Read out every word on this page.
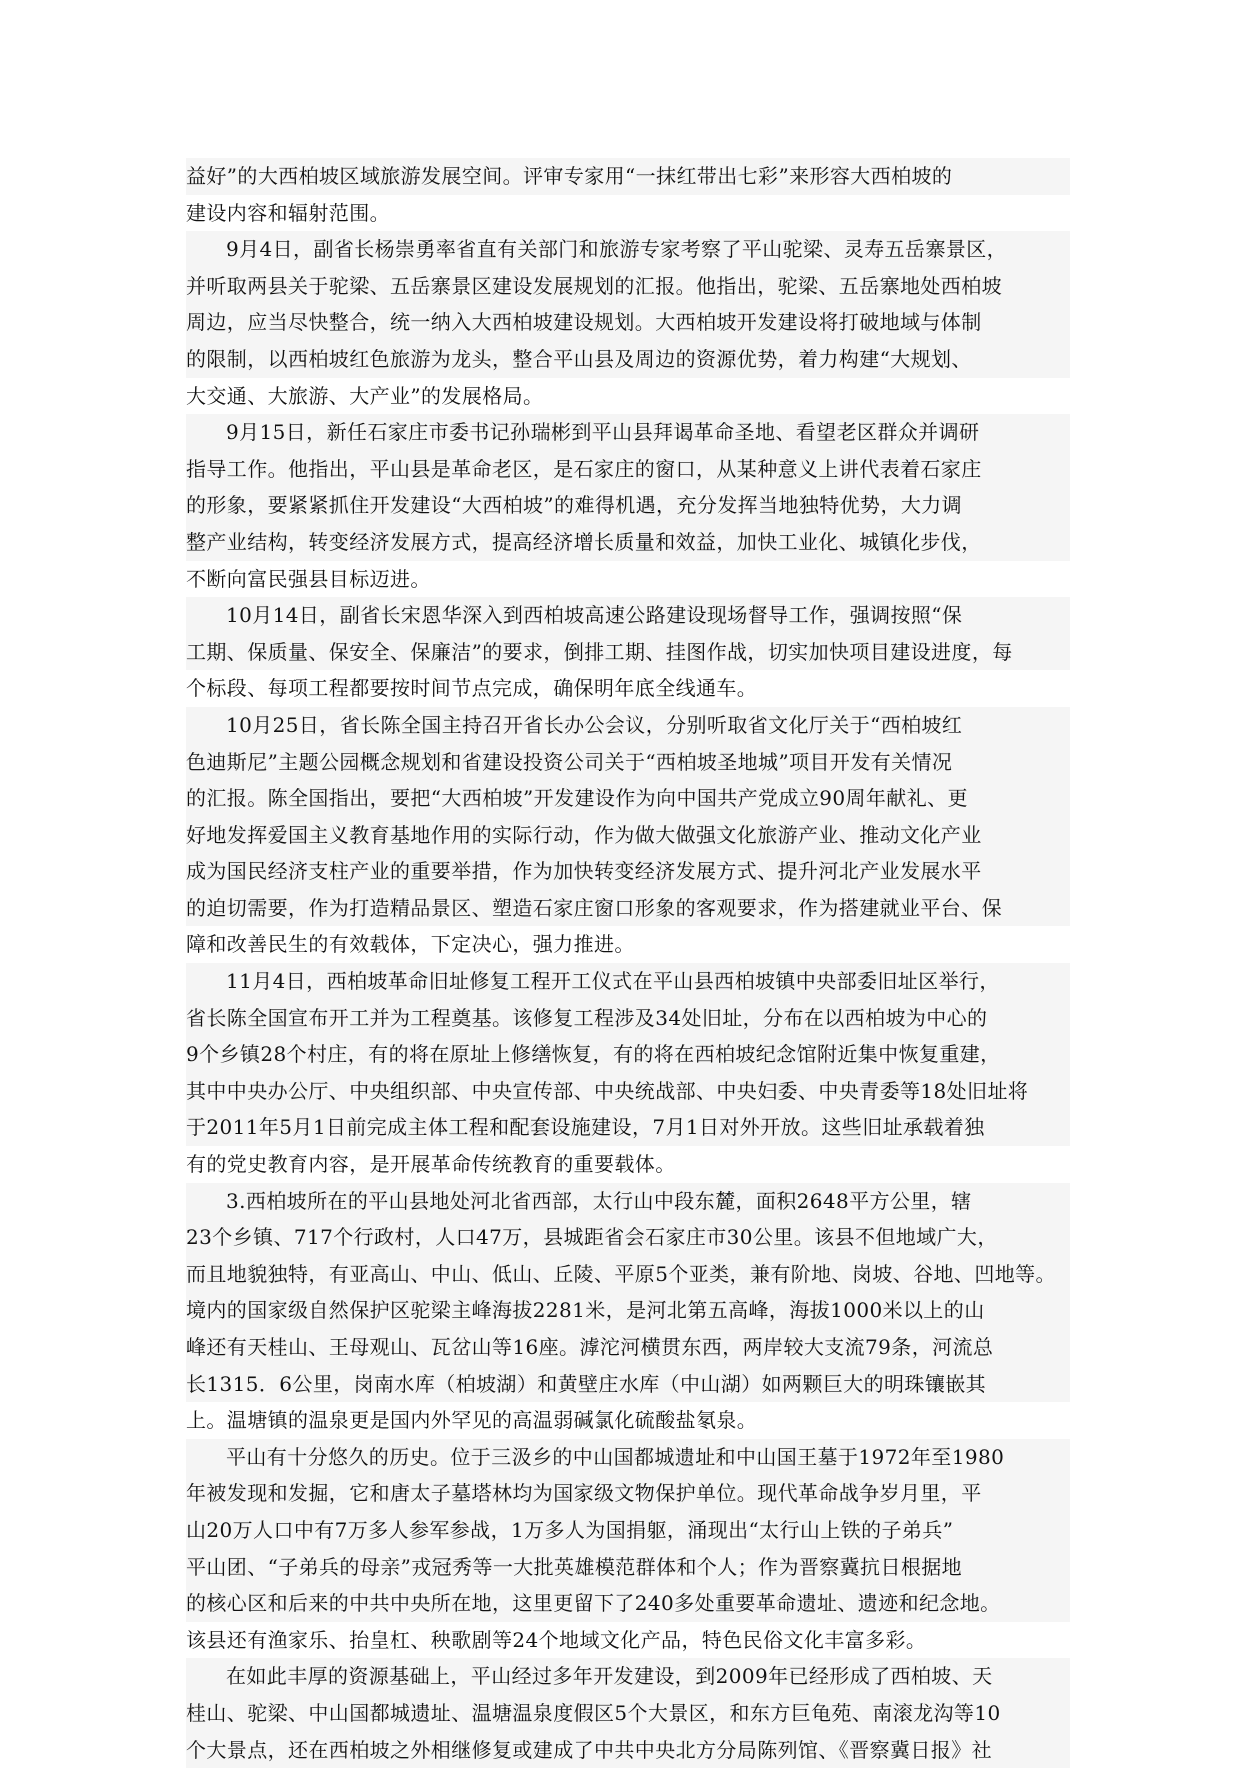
益好”的大西柏坡区域旅游发展空间。评审专家用“一抹红带出七彩”来形容大西柏坡的
建设内容和辐射范围。
9月4日，副省长杨崇勇率省直有关部门和旅游专家考察了平山驼梁、灵寿五岳寨景区，
并听取两县关于驼梁、五岳寨景区建设发展规划的汇报。他指出，驼梁、五岳寨地处西柏坡
周边，应当尽快整合，统一纳入大西柏坡建设规划。大西柏坡开发建设将打破地域与体制
的限制，以西柏坡红色旅游为龙头，整合平山县及周边的资源优势，着力构建“大规划、
大交通、大旅游、大产业”的发展格局。
9月15日，新任石家庄市委书记孙瑞彬到平山县拜谒革命圣地、看望老区群众并调研
指导工作。他指出，平山县是革命老区，是石家庄的窗口，从某种意义上讲代表着石家庄
的形象，要紧紧抓住开发建设“大西柏坡”的难得机遇，充分发挥当地独特优势，大力调
整产业结构，转变经济发展方式，提高经济增长质量和效益，加快工业化、城镇化步伐，
不断向富民强县目标迈进。
10月14日，副省长宋恩华深入到西柏坡高速公路建设现场督导工作，强调按照“保
工期、保质量、保安全、保廉洁”的要求，倒排工期、挂图作战，切实加快项目建设进度，每
个标段、每项工程都要按时间节点完成，确保明年底全线通车。
10月25日，省长陈全国主持召开省长办公会议，分别听取省文化厅关于“西柏坡红
色迪斯尼”主题公园概念规划和省建设投资公司关于“西柏坡圣地城”项目开发有关情况
的汇报。陈全国指出，要把“大西柏坡”开发建设作为向中国共产党成立90周年献礼、更
好地发挥爱国主义教育基地作用的实际行动，作为做大做强文化旅游产业、推动文化产业
成为国民经济支柱产业的重要举措，作为加快转变经济发展方式、提升河北产业发展水平
的迫切需要，作为打造精品景区、塑造石家庄窗口形象的客观要求，作为搭建就业平台、保
障和改善民生的有效载体，下定决心，强力推进。
11月4日，西柏坡革命旧址修复工程开工仪式在平山县西柏坡镇中央部委旧址区举行，
省长陈全国宣布开工并为工程奠基。该修复工程涉及34处旧址，分布在以西柏坡为中心的
9个乡镇28个村庄，有的将在原址上修缮恢复，有的将在西柏坡纪念馆附近集中恢复重建，
其中中央办公厅、中央组织部、中央宣传部、中央统战部、中央妇委、中央青委等18处旧址将
于2011年5月1日前完成主体工程和配套设施建设，7月1日对外开放。这些旧址承载着独
有的党史教育内容，是开展革命传统教育的重要载体。
3.西柏坡所在的平山县地处河北省西部，太行山中段东麓，面积2648平方公里，辖
23个乡镇、717个行政村，人口47万，县城距省会石家庄市30公里。该县不但地域广大，
而且地貌独特，有亚高山、中山、低山、丘陵、平原5个亚类，兼有阶地、岗坡、谷地、凹地等。
境内的国家级自然保护区驼梁主峰海拔2281米，是河北第五高峰，海拔1000米以上的山
峰还有天桂山、王母观山、瓦岔山等16座。滹沱河横贯东西，两岸较大支流79条，河流总
长1315．6公里，岗南水库（柏坡湖）和黄壁庄水库（中山湖）如两颗巨大的明珠镶嵌其
上。温塘镇的温泉更是国内外罕见的高温弱碱氯化硫酸盐氡泉。
平山有十分悠久的历史。位于三汲乡的中山国都城遗址和中山国王墓于1972年至1980
年被发现和发掘，它和唐太子墓塔林均为国家级文物保护单位。现代革命战争岁月里，平
山20万人口中有7万多人参军参战，1万多人为国捐躯，涌现出“太行山上铁的子弟兵”
平山团、“子弟兵的母亲”戎冠秀等一大批英雄模范群体和个人；作为晋察冀抗日根据地
的核心区和后来的中共中央所在地，这里更留下了240多处重要革命遗址、遗迹和纪念地。
该县还有渔家乐、抬皇杠、秧歌剧等24个地域文化产品，特色民俗文化丰富多彩。
在如此丰厚的资源基础上，平山经过多年开发建设，到2009年已经形成了西柏坡、天
桂山、驼梁、中山国都城遗址、温塘温泉度假区5个大景区，和东方巨龟苑、南滚龙沟等10
个大景点，还在西柏坡之外相继修复或建成了中共中央北方分局陈列馆、《晋察冀日报》社
